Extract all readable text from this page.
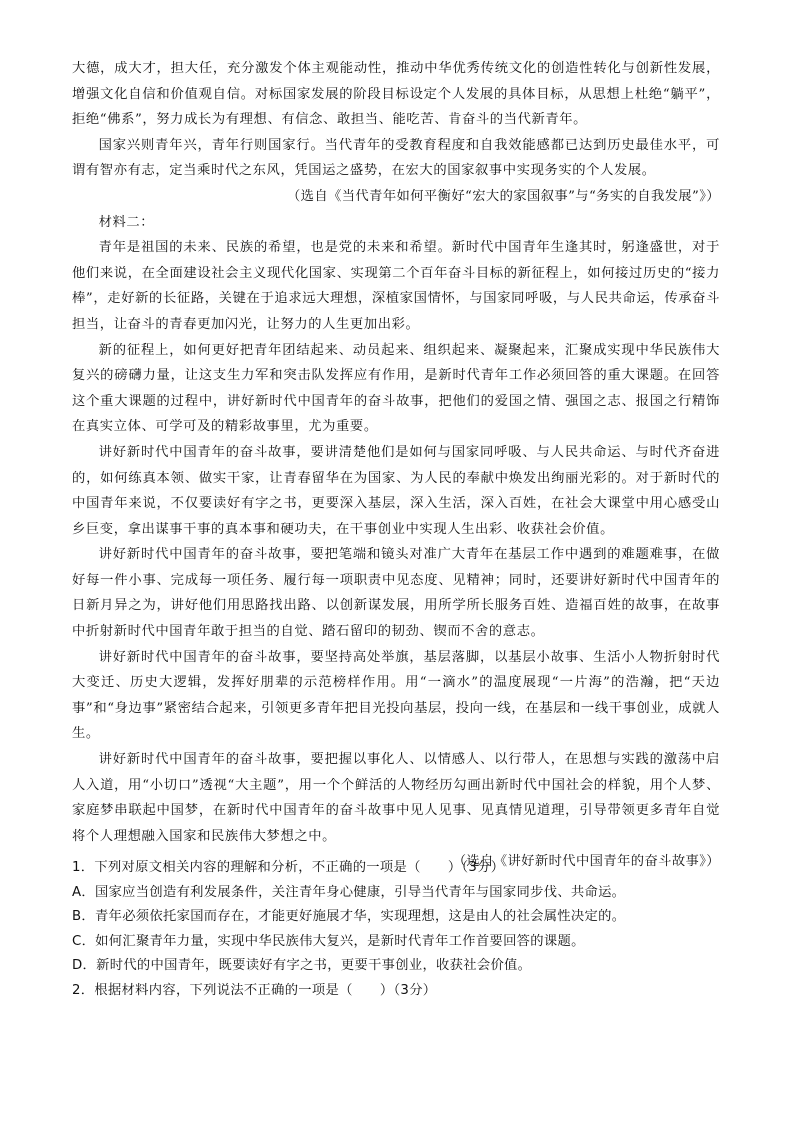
大德，成大才，担大任，充分激发个体主观能动性，推动中华优秀传统文化的创造性转化与创新性发展，增强文化自信和价值观自信。对标国家发展的阶段目标设定个人发展的具体目标，从思想上杜绝“躺平”，拒绝“佛系”，努力成长为有理想、有信念、敢担当、能吃苦、肯奋斗的当代新青年。

国家兴则青年兴，青年行则国家行。当代青年的受教育程度和自我效能感都已达到历史最佳水平，可谓有智亦有志，定当乘时代之东风，凭国运之盛势，在宏大的国家叙事中实现务实的个人发展。

（选自《当代青年如何平衡好“宏大的家国叙事”与“务实的自我发展”》）

材料二：

青年是祖国的未来、民族的希望，也是党的未来和希望。新时代中国青年生逢其时，躬逢盛世，对于他们来说，在全面建设社会主义现代化国家、实现第二个百年奋斗目标的新征程上，如何接过历史的“接力棒”，走好新的长征路，关键在于追求远大理想，深植家国情怀，与国家同呼吸，与人民共命运，传承奋斗担当，让奋斗的青春更加闪光，让努力的人生更加出彩。

新的征程上，如何更好把青年团结起来、动员起来、组织起来、凝聚起来，汇聚成实现中华民族伟大复兴的磅礴力量，让这支生力军和突击队发挥应有作用，是新时代青年工作必须回答的重大课题。在回答这个重大课题的过程中，讲好新时代中国青年的奋斗故事，把他们的爱国之情、强国之志、报国之行精饰在真实立体、可学可及的精彩故事里，尤为重要。

讲好新时代中国青年的奋斗故事，要讲清楚他们是如何与国家同呼吸、与人民共命运、与时代齐奋进的，如何练真本领、做实干家，让青春留华在为国家、为人民的奉献中焕发出绚丽光彩的。对于新时代的中国青年来说，不仅要读好有字之书，更要深入基层，深入生活，深入百姓，在社会大课堂中用心感受山乡巨变，拿出谋事干事的真本事和硬功夫，在干事创业中实现人生出彩、收获社会价值。

讲好新时代中国青年的奋斗故事，要把笔端和镜头对准广大青年在基层工作中遇到的难题难事，在做好每一件小事、完成每一项任务、履行每一项职责中见态度、见精神；同时，还要讲好新时代中国青年的日新月异之为，讲好他们用思路找出路、以创新谋发展，用所学所长服务百姓、造福百姓的故事，在故事中折射新时代中国青年敢于担当的自觉、踏石留印的韧劲、锲而不舍的意志。

讲好新时代中国青年的奋斗故事，要坚持高处举旗，基层落脚，以基层小故事、生活小人物折射时代大变迁、历史大逻辑，发挥好朋辈的示范榜样作用。用“一滴水”的温度展现“一片海”的浩瀚，把“天边事”和“身边事”紧密结合起来，引领更多青年把目光投向基层，投向一线，在基层和一线干事创业，成就人生。

讲好新时代中国青年的奋斗故事，要把握以事化人、以情感人、以行带人，在思想与实践的激荡中启人入道，用“小切口”透视“大主题”，用一个个鲜活的人物经历勾画出新时代中国社会的样貌，用个人梦、家庭梦串联起中国梦，在新时代中国青年的奋斗故事中见人见事、见真情见道理，引导带领更多青年自觉将个人理想融入国家和民族伟大梦想之中。

（选自《讲好新时代中国青年的奋斗故事》）

1．下列对原文相关内容的理解和分析，不正确的一项是（　　）（3分）

A．国家应当创造有利发展条件，关注青年身心健康，引导当代青年与国家同步伐、共命运。

B．青年必须依托家国而存在，才能更好施展才华，实现理想，这是由人的社会属性决定的。

C．如何汇聚青年力量，实现中华民族伟大复兴，是新时代青年工作首要回答的课题。

D．新时代的中国青年，既要读好有字之书，更要干事创业，收获社会价值。

2．根据材料内容，下列说法不正确的一项是（　　）（3分）
